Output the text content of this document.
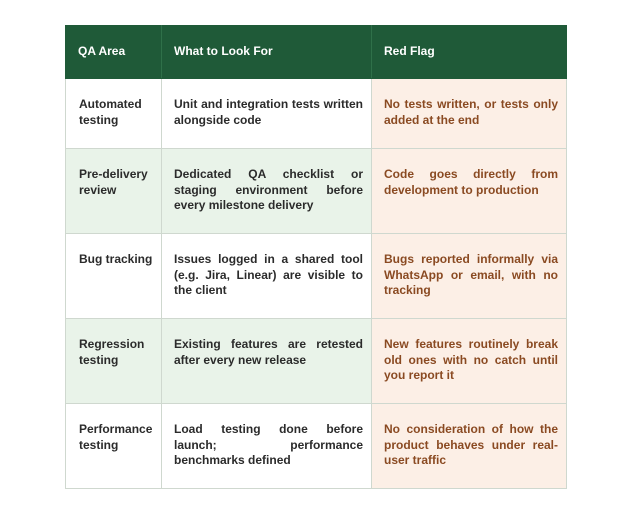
QA Area	What to Look For	Red Flag
Automated testing	Unit and integration tests written alongside code	No tests written, or tests only added at the end
Pre-delivery review	Dedicated QA checklist or staging environment before every milestone delivery	Code goes directly from development to production
Bug tracking	Issues logged in a shared tool (e.g. Jira, Linear) are visible to the client	Bugs reported informally via WhatsApp or email, with no tracking
Regression testing	Existing features are retested after every new release	New features routinely break old ones with no catch until you report it
Performance testing	Load testing done before launch; performance benchmarks defined	No consideration of how the product behaves under real-user traffic
